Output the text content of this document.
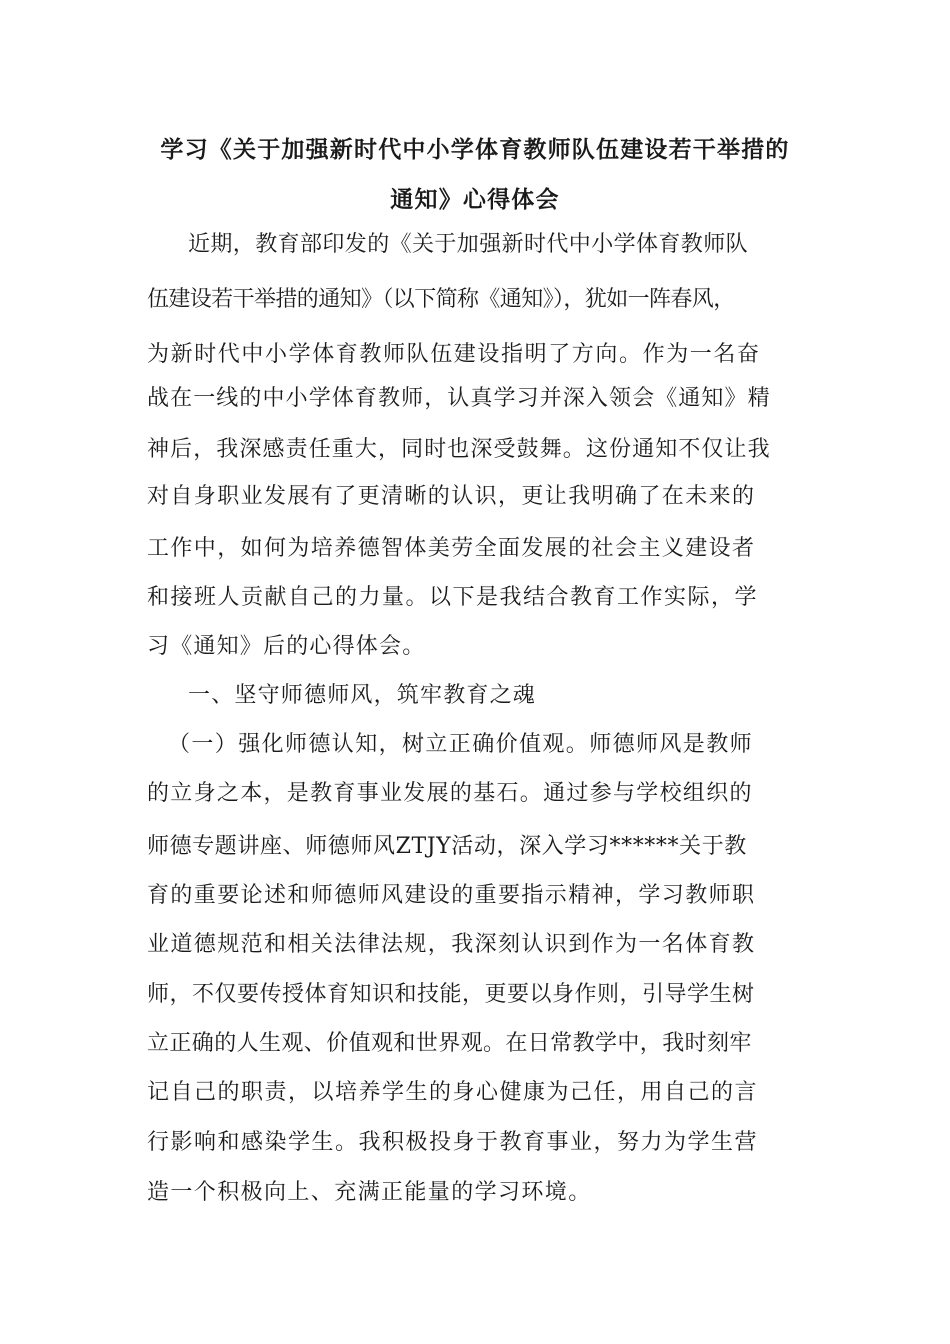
学习《关于加强新时代中小学体育教师队伍建设若干举措的
通知》心得体会

近期，教育部印发的《关于加强新时代中小学体育教师队

伍建设若干举措的通知》（以下简称《通知》），犹如一阵春风，

为新时代中小学体育教师队伍建设指明了方向。作为一名奋

战在一线的中小学体育教师，认真学习并深入领会《通知》精

神后，我深感责任重大，同时也深受鼓舞。这份通知不仅让我

对自身职业发展有了更清晰的认识，更让我明确了在未来的

工作中，如何为培养德智体美劳全面发展的社会主义建设者

和接班人贡献自己的力量。以下是我结合教育工作实际，学

习《通知》后的心得体会。

一、坚守师德师风，筑牢教育之魂

（一）强化师德认知，树立正确价值观。师德师风是教师

的立身之本，是教育事业发展的基石。通过参与学校组织的

师德专题讲座、师德师风ZTJY活动，深入学习******关于教

育的重要论述和师德师风建设的重要指示精神，学习教师职

业道德规范和相关法律法规，我深刻认识到作为一名体育教

师，不仅要传授体育知识和技能，更要以身作则，引导学生树

立正确的人生观、价值观和世界观。在日常教学中，我时刻牢

记自己的职责，以培养学生的身心健康为己任，用自己的言

行影响和感染学生。我积极投身于教育事业，努力为学生营

造一个积极向上、充满正能量的学习环境。
